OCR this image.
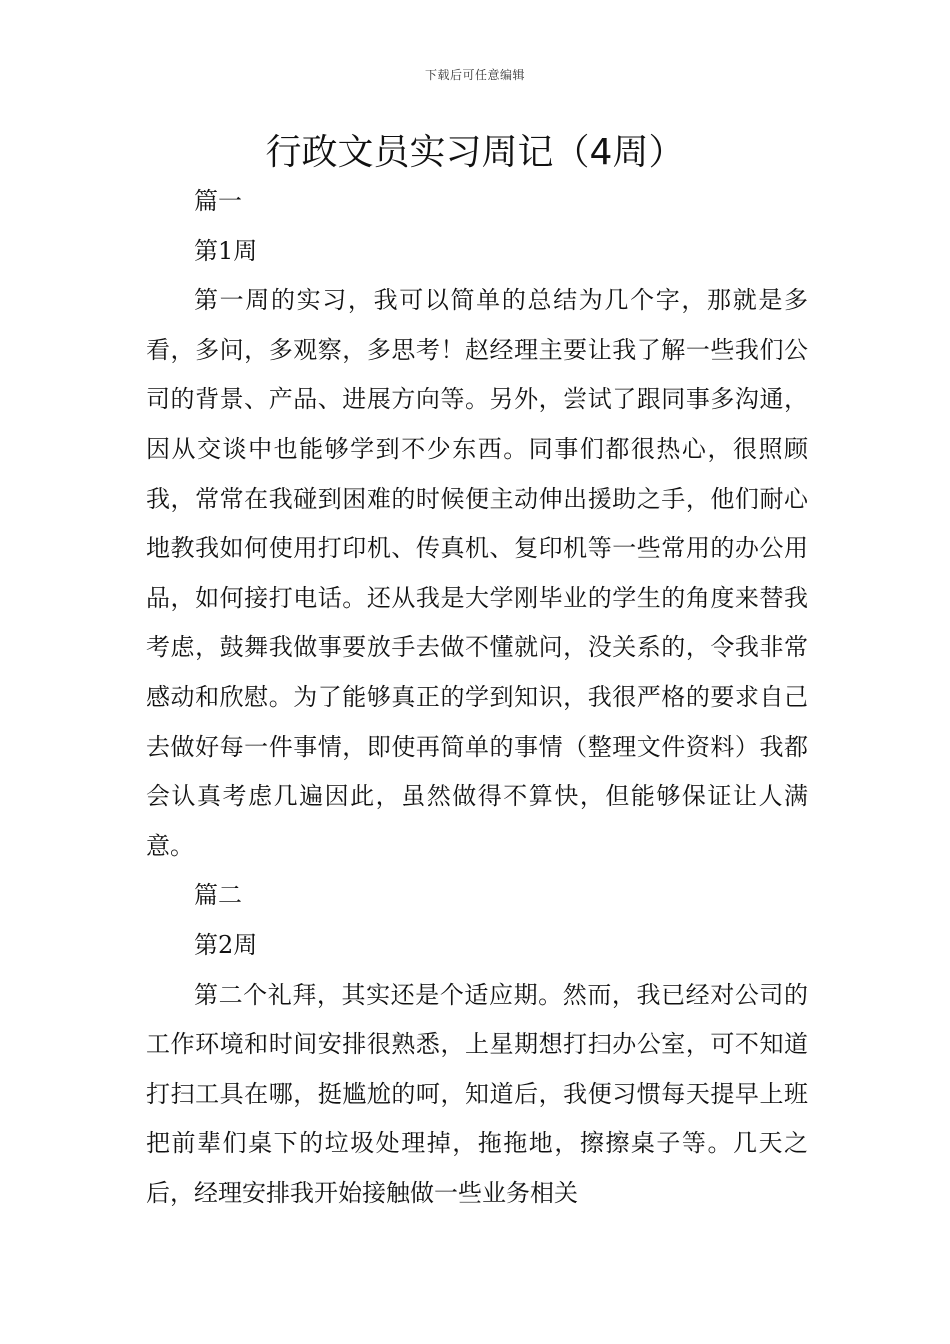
下载后可任意编辑
行政文员实习周记（4周）

篇一

第1周

第一周的实习，我可以简单的总结为几个字，那就是多看，多问，多观察，多思考！赵经理主要让我了解一些我们公司的背景、产品、进展方向等。另外，尝试了跟同事多沟通，因从交谈中也能够学到不少东西。同事们都很热心，很照顾我，常常在我碰到困难的时候便主动伸出援助之手，他们耐心地教我如何使用打印机、传真机、复印机等一些常用的办公用品，如何接打电话。还从我是大学刚毕业的学生的角度来替我考虑，鼓舞我做事要放手去做不懂就问，没关系的，令我非常感动和欣慰。为了能够真正的学到知识，我很严格的要求自己去做好每一件事情，即使再简单的事情（整理文件资料）我都会认真考虑几遍因此，虽然做得不算快，但能够保证让人满意。

篇二

第2周

第二个礼拜，其实还是个适应期。然而，我已经对公司的工作环境和时间安排很熟悉，上星期想打扫办公室，可不知道打扫工具在哪，挺尴尬的呵，知道后，我便习惯每天提早上班把前辈们桌下的垃圾处理掉，拖拖地，擦擦桌子等。几天之后，经理安排我开始接触做一些业务相关
